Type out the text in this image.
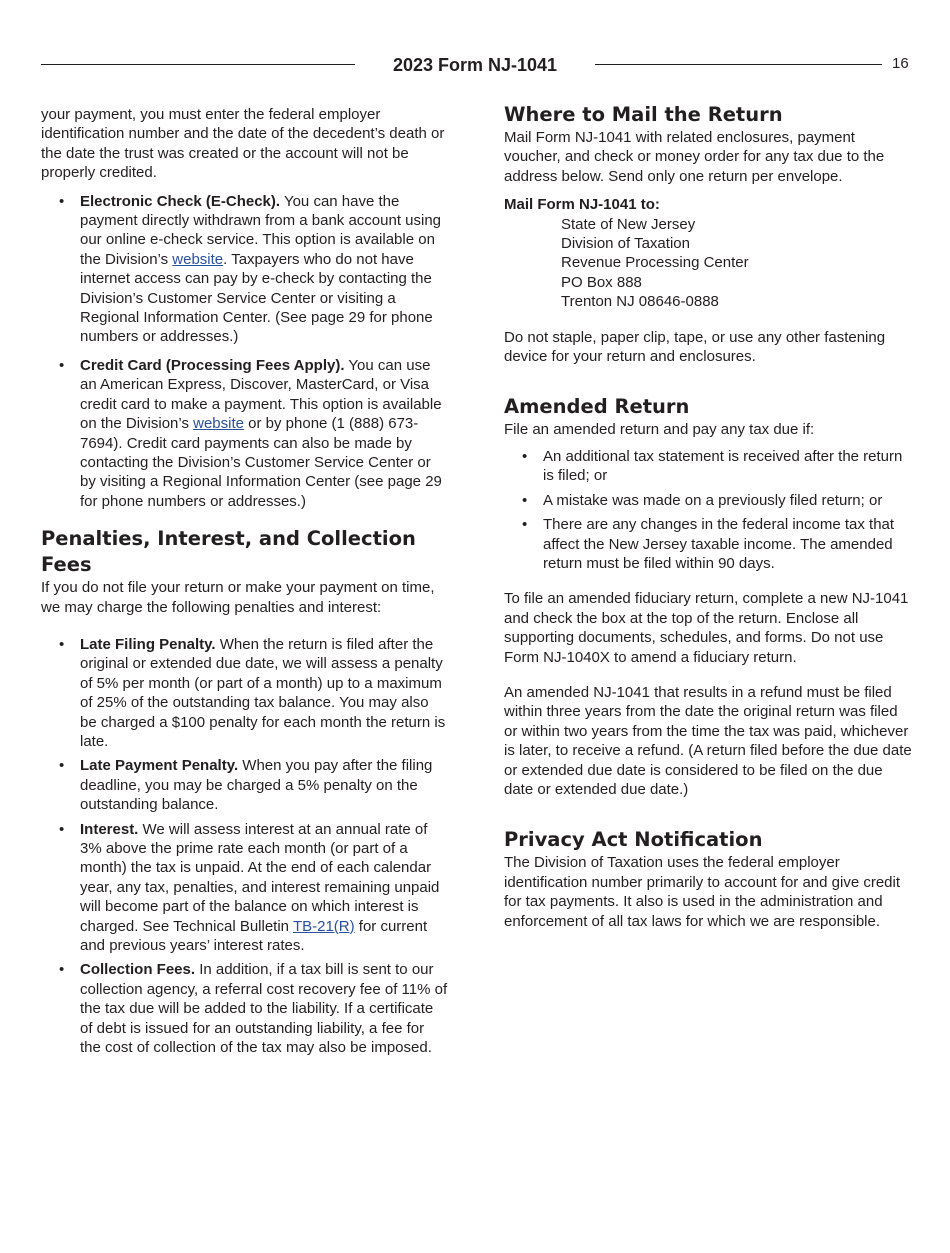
2023 Form NJ-1041	16

your payment, you must enter the federal employer identification number and the date of the decedent’s death or the date the trust was created or the account will not be properly credited.

• Electronic Check (E-Check). You can have the payment directly withdrawn from a bank account using our online e-check service. This option is available on the Division’s website. Taxpayers who do not have internet access can pay by e-check by contacting the Division’s Customer Service Center or visiting a Regional Information Center. (See page 29 for phone numbers or addresses.)
• Credit Card (Processing Fees Apply). You can use an American Express, Discover, MasterCard, or Visa credit card to make a payment. This option is available on the Division’s website or by phone (1 (888) 673-7694). Credit card payments can also be made by contacting the Division’s Customer Service Center or by visiting a Regional Information Center (see page 29 for phone numbers or addresses.)
Penalties, Interest, and Collection Fees

If you do not file your return or make your payment on time, we may charge the following penalties and interest:

• Late Filing Penalty. When the return is filed after the original or extended due date, we will assess a penalty of 5% per month (or part of a month) up to a maximum of 25% of the outstanding tax balance. You may also be charged a $100 penalty for each month the return is late.
• Late Payment Penalty. When you pay after the filing deadline, you may be charged a 5% penalty on the outstanding balance.
• Interest. We will assess interest at an annual rate of 3% above the prime rate each month (or part of a month) the tax is unpaid. At the end of each calendar year, any tax, penalties, and interest remaining unpaid will become part of the balance on which interest is charged. See Technical Bulletin TB-21(R) for current and previous years’ interest rates.
• Collection Fees. In addition, if a tax bill is sent to our collection agency, a referral cost recovery fee of 11% of the tax due will be added to the liability. If a certificate of debt is issued for an outstanding liability, a fee for the cost of collection of the tax may also be imposed.
Where to Mail the Return

Mail Form NJ-1041 with related enclosures, payment voucher, and check or money order for any tax due to the address below. Send only one return per envelope.

Mail Form NJ-1041 to:

State of New Jersey
Division of Taxation
Revenue Processing Center
PO Box 888
Trenton NJ 08646-0888

Do not staple, paper clip, tape, or use any other fastening device for your return and enclosures.

Amended Return

File an amended return and pay any tax due if:

• An additional tax statement is received after the return is filed; or
• A mistake was made on a previously filed return; or
• There are any changes in the federal income tax that affect the New Jersey taxable income. The amended return must be filed within 90 days.

To file an amended fiduciary return, complete a new NJ-1041 and check the box at the top of the return. Enclose all supporting documents, schedules, and forms. Do not use Form NJ-1040X to amend a fiduciary return.

An amended NJ-1041 that results in a refund must be filed within three years from the date the original return was filed or within two years from the time the tax was paid, whichever is later, to receive a refund. (A return filed before the due date or extended due date is considered to be filed on the due date or extended due date.)

Privacy Act Notification

The Division of Taxation uses the federal employer identification number primarily to account for and give credit for tax payments. It also is used in the administration and enforcement of all tax laws for which we are responsible.
